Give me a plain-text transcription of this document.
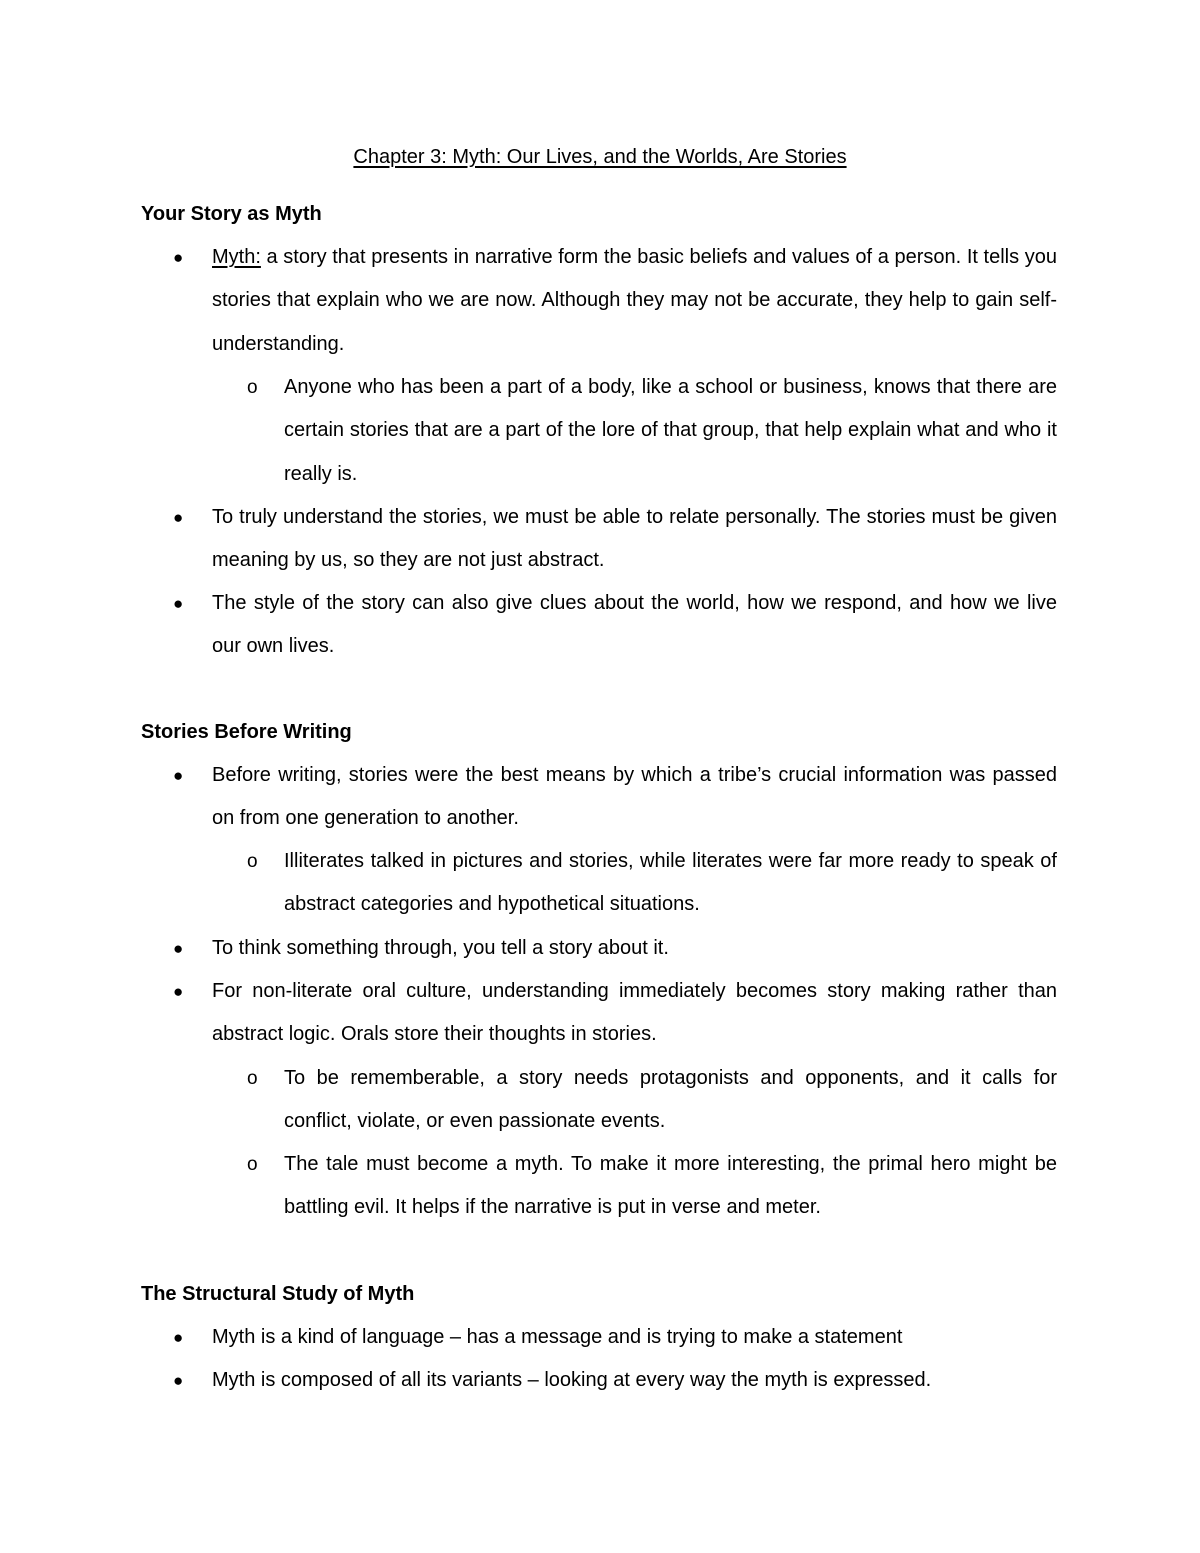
Chapter 3: Myth: Our Lives, and the Worlds, Are Stories
Your Story as Myth
● Myth: a story that presents in narrative form the basic beliefs and values of a person. It tells you stories that explain who we are now. Although they may not be accurate, they help to gain self-understanding.
o Anyone who has been a part of a body, like a school or business, knows that there are certain stories that are a part of the lore of that group, that help explain what and who it really is.
● To truly understand the stories, we must be able to relate personally. The stories must be given meaning by us, so they are not just abstract.
● The style of the story can also give clues about the world, how we respond, and how we live our own lives.
Stories Before Writing
● Before writing, stories were the best means by which a tribe’s crucial information was passed on from one generation to another.
o Illiterates talked in pictures and stories, while literates were far more ready to speak of abstract categories and hypothetical situations.
● To think something through, you tell a story about it.
● For non-literate oral culture, understanding immediately becomes story making rather than abstract logic. Orals store their thoughts in stories.
o To be rememberable, a story needs protagonists and opponents, and it calls for conflict, violate, or even passionate events.
o The tale must become a myth. To make it more interesting, the primal hero might be battling evil. It helps if the narrative is put in verse and meter.
The Structural Study of Myth
● Myth is a kind of language – has a message and is trying to make a statement
● Myth is composed of all its variants – looking at every way the myth is expressed.
